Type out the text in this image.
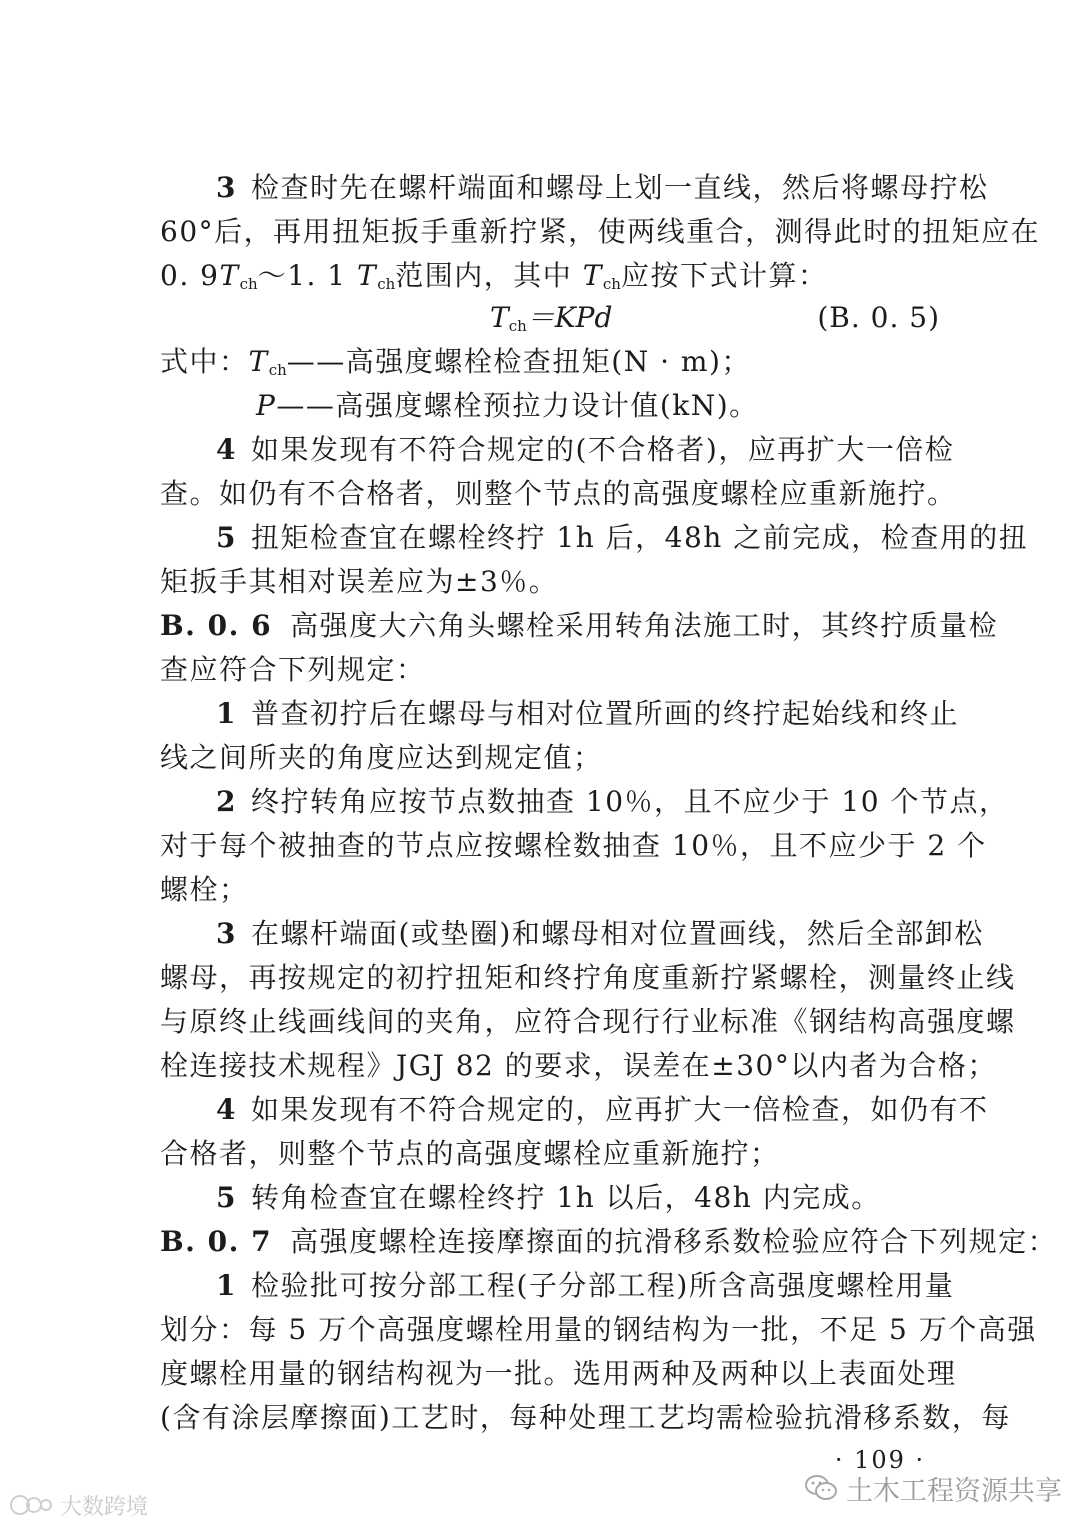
3 检查时先在螺杆端面和螺母上划一直线，然后将螺母拧松
60°后，再用扭矩扳手重新拧紧，使两线重合，测得此时的扭矩应在
0. $9T_{ch}\sim 1$. 1 $T_{ch}$范围内，其中 $T_{ch}$应按下式计算：
$T_{ch}=KPd$	(B. 0. 5)
式中：$T_{ch}——$高强度螺栓检查扭矩(N · m)；
P——高强度螺栓预拉力设计值(kN)。
4 如果发现有不符合规定的(不合格者)，应再扩大一倍检
查。如仍有不合格者，则整个节点的高强度螺栓应重新施拧。
5 扭矩检查宜在螺栓终拧 1h 后，48h 之前完成，检查用的扭
矩扳手其相对误差应为±3％。
B. 0. 6 高强度大六角头螺栓采用转角法施工时，其终拧质量检
查应符合下列规定：
1 普查初拧后在螺母与相对位置所画的终拧起始线和终止
线之间所夹的角度应达到规定值；
2 终拧转角应按节点数抽查 10％，且不应少于 10 个节点，
对于每个被抽查的节点应按螺栓数抽查 10％，且不应少于 2 个
螺栓；
3 在螺杆端面(或垫圈)和螺母相对位置画线，然后全部卸松
螺母，再按规定的初拧扭矩和终拧角度重新拧紧螺栓，测量终止线
与原终止线画线间的夹角，应符合现行行业标准《钢结构高强度螺
栓连接技术规程》JGJ 82 的要求，误差在±30°以内者为合格；
4 如果发现有不符合规定的，应再扩大一倍检查，如仍有不
合格者，则整个节点的高强度螺栓应重新施拧；
5 转角检查宜在螺栓终拧 1h 以后，48h 内完成。
B. 0. 7 高强度螺栓连接摩擦面的抗滑移系数检验应符合下列规定：
1 检验批可按分部工程(子分部工程)所含高强度螺栓用量
划分：每 5 万个高强度螺栓用量的钢结构为一批，不足 5 万个高强
度螺栓用量的钢结构视为一批。选用两种及两种以上表面处理
(含有涂层摩擦面)工艺时，每种处理工艺均需检验抗滑移系数，每
· 109 ·
土木工程资源共享
大数跨境
